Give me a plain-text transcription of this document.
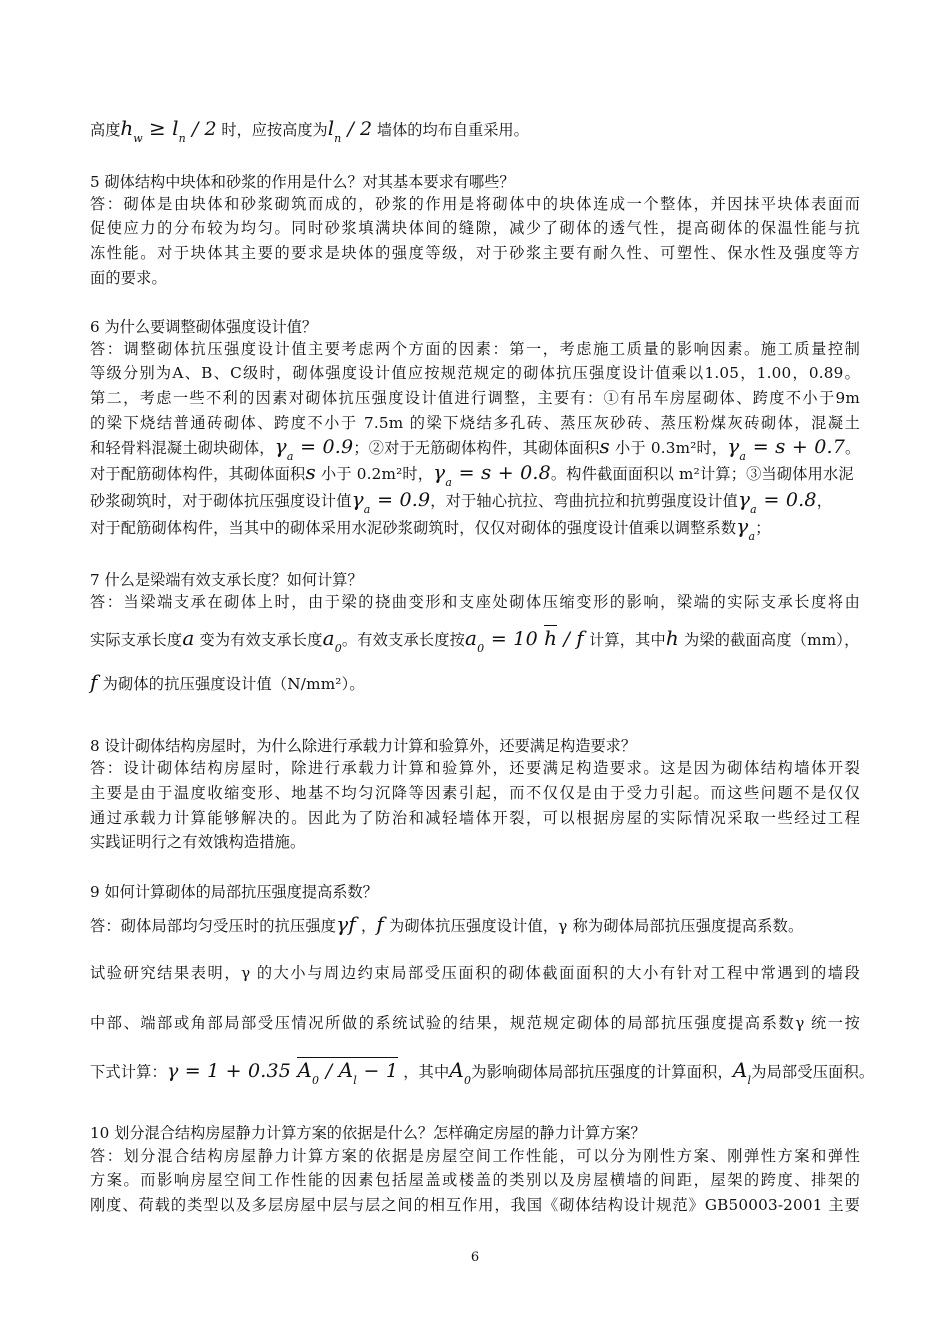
高度$h_w \ge l_n / 2$ 时，应按高度为$l_n / 2$ 墙体的均布自重采用。
5 砌体结构中块体和砂浆的作用是什么？对其基本要求有哪些？
答：砌体是由块体和砂浆砌筑而成的，砂浆的作用是将砌体中的块体连成一个整体，并因抹平块体表面而
促使应力的分布较为均匀。同时砂浆填满块体间的缝隙，减少了砌体的透气性，提高砌体的保温性能与抗
冻性能。对于块体其主要的要求是块体的强度等级，对于砂浆主要有耐久性、可塑性、保水性及强度等方
面的要求。
6 为什么要调整砌体强度设计值？
答：调整砌体抗压强度设计值主要考虑两个方面的因素：第一，考虑施工质量的影响因素。施工质量控制
等级分别为A、B、C级时，砌体强度设计值应按规范规定的砌体抗压强度设计值乘以1.05，1.00，0.89。
第二，考虑一些不利的因素对砌体抗压强度设计值进行调整，主要有：①有吊车房屋砌体、跨度不小于9m
的梁下烧结普通砖砌体、跨度不小于 7.5m 的梁下烧结多孔砖、蒸压灰砂砖、蒸压粉煤灰砖砌体，混凝土
和轻骨料混凝土砌块砌体，$\gamma_a = 0.9$；②对于无筋砌体构件，其砌体面积s 小于 0.3m²时，$\gamma_a = s + 0.7$。
对于配筋砌体构件，其砌体面积s 小于 0.2m²时，$\gamma_a = s + 0.8$。构件截面面积以 m²计算；③当砌体用水泥
砂浆砌筑时，对于砌体抗压强度设计值$\gamma_a = 0.9$，对于轴心抗拉、弯曲抗拉和抗剪强度设计值$\gamma_a = 0.8$，
对于配筋砌体构件，当其中的砌体采用水泥砂浆砌筑时，仅仅对砌体的强度设计值乘以调整系数$\gamma_a$；
7 什么是梁端有效支承长度？如何计算？
答：当梁端支承在砌体上时，由于梁的挠曲变形和支座处砌体压缩变形的影响，梁端的实际支承长度将由
实际支承长度a 变为有效支承长度$a_0$。有效支承长度按$a_0 = 10$ h / f 计算，其中h 为梁的截面高度（mm），
f 为砌体的抗压强度设计值（N/mm²）。
8 设计砌体结构房屋时，为什么除进行承载力计算和验算外，还要满足构造要求？
答：设计砌体结构房屋时，除进行承载力计算和验算外，还要满足构造要求。这是因为砌体结构墙体开裂
主要是由于温度收缩变形、地基不均匀沉降等因素引起，而不仅仅是由于受力引起。而这些问题不是仅仅
通过承载力计算能够解决的。因此为了防治和减轻墙体开裂，可以根据房屋的实际情况采取一些经过工程
实践证明行之有效饿构造措施。
9 如何计算砌体的局部抗压强度提高系数？
答：砌体局部均匀受压时的抗压强度γf ，f 为砌体抗压强度设计值，γ 称为砌体局部抗压强度提高系数。
试验研究结果表明，γ 的大小与周边约束局部受压面积的砌体截面面积的大小有针对工程中常遇到的墙段
中部、端部或角部局部受压情况所做的系统试验的结果，规范规定砌体的局部抗压强度提高系数γ 统一按
下式计算：γ = 1 + 0.35 $A_0 / A_l - 1$ ，其中$A_0$为影响砌体局部抗压强度的计算面积，$A_l$为局部受压面积。
10 划分混合结构房屋静力计算方案的依据是什么？怎样确定房屋的静力计算方案？
答：划分混合结构房屋静力计算方案的依据是房屋空间工作性能，可以分为刚性方案、刚弹性方案和弹性
方案。而影响房屋空间工作性能的因素包括屋盖或楼盖的类别以及房屋横墙的间距，屋架的跨度、排架的
刚度、荷载的类型以及多层房屋中层与层之间的相互作用，我国《砌体结构设计规范》GB50003-2001 主要
6
